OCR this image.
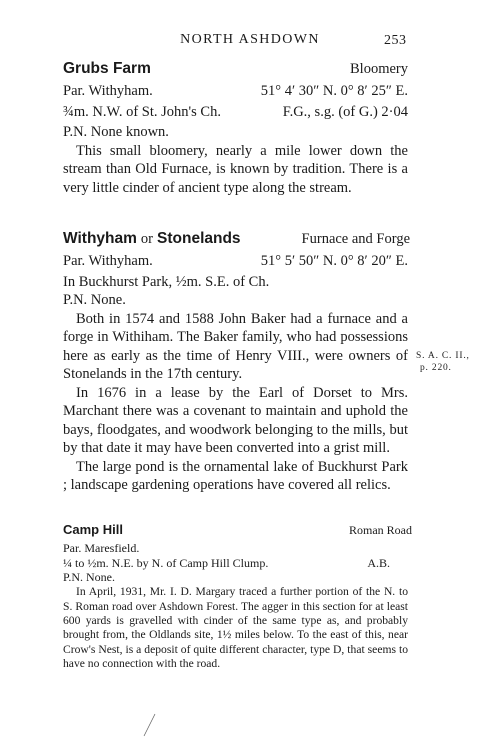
NORTH ASHDOWN	253
Grubs Farm	Bloomery
Par. Withyham.	51° 4′ 30″ N. 0° 8′ 25″ E.
¾m. N.W. of St. John's Ch.	F.G., s.g. (of G.) 2·04
P.N. None known.

This small bloomery, nearly a mile lower down the stream than Old Furnace, is known by tradition. There is a very little cinder of ancient type along the stream.

Withyham or Stonelands	Furnace and Forge
Par. Withyham.	51° 5′ 50″ N. 0° 8′ 20″ E.
In Buckhurst Park, ½m. S.E. of Ch.
P.N. None.

Both in 1574 and 1588 John Baker had a furnace and a forge in Withiham. The Baker family, who had possessions here as early as the time of Henry VIII., were owners of Stonelands in the 17th century.

In 1676 in a lease by the Earl of Dorset to Mrs. Marchant there was a covenant to maintain and uphold the bays, floodgates, and woodwork belonging to the mills, but by that date it may have been converted into a grist mill.

The large pond is the ornamental lake of Buckhurst Park ; landscape gardening operations have covered all relics.

S. A. C. II.,
p. 220.
Camp Hill	Roman Road
Par. Maresfield.
¼ to ½m. N.E. by N. of Camp Hill Clump.	A.B.
P.N. None.

In April, 1931, Mr. I. D. Margary traced a further portion of the N. to S. Roman road over Ashdown Forest. The agger in this section for at least 600 yards is gravelled with cinder of the same type as, and probably brought from, the Oldlands site, 1½ miles below. To the east of this, near Crow's Nest, is a deposit of quite different character, type D, that seems to have no connection with the road.
